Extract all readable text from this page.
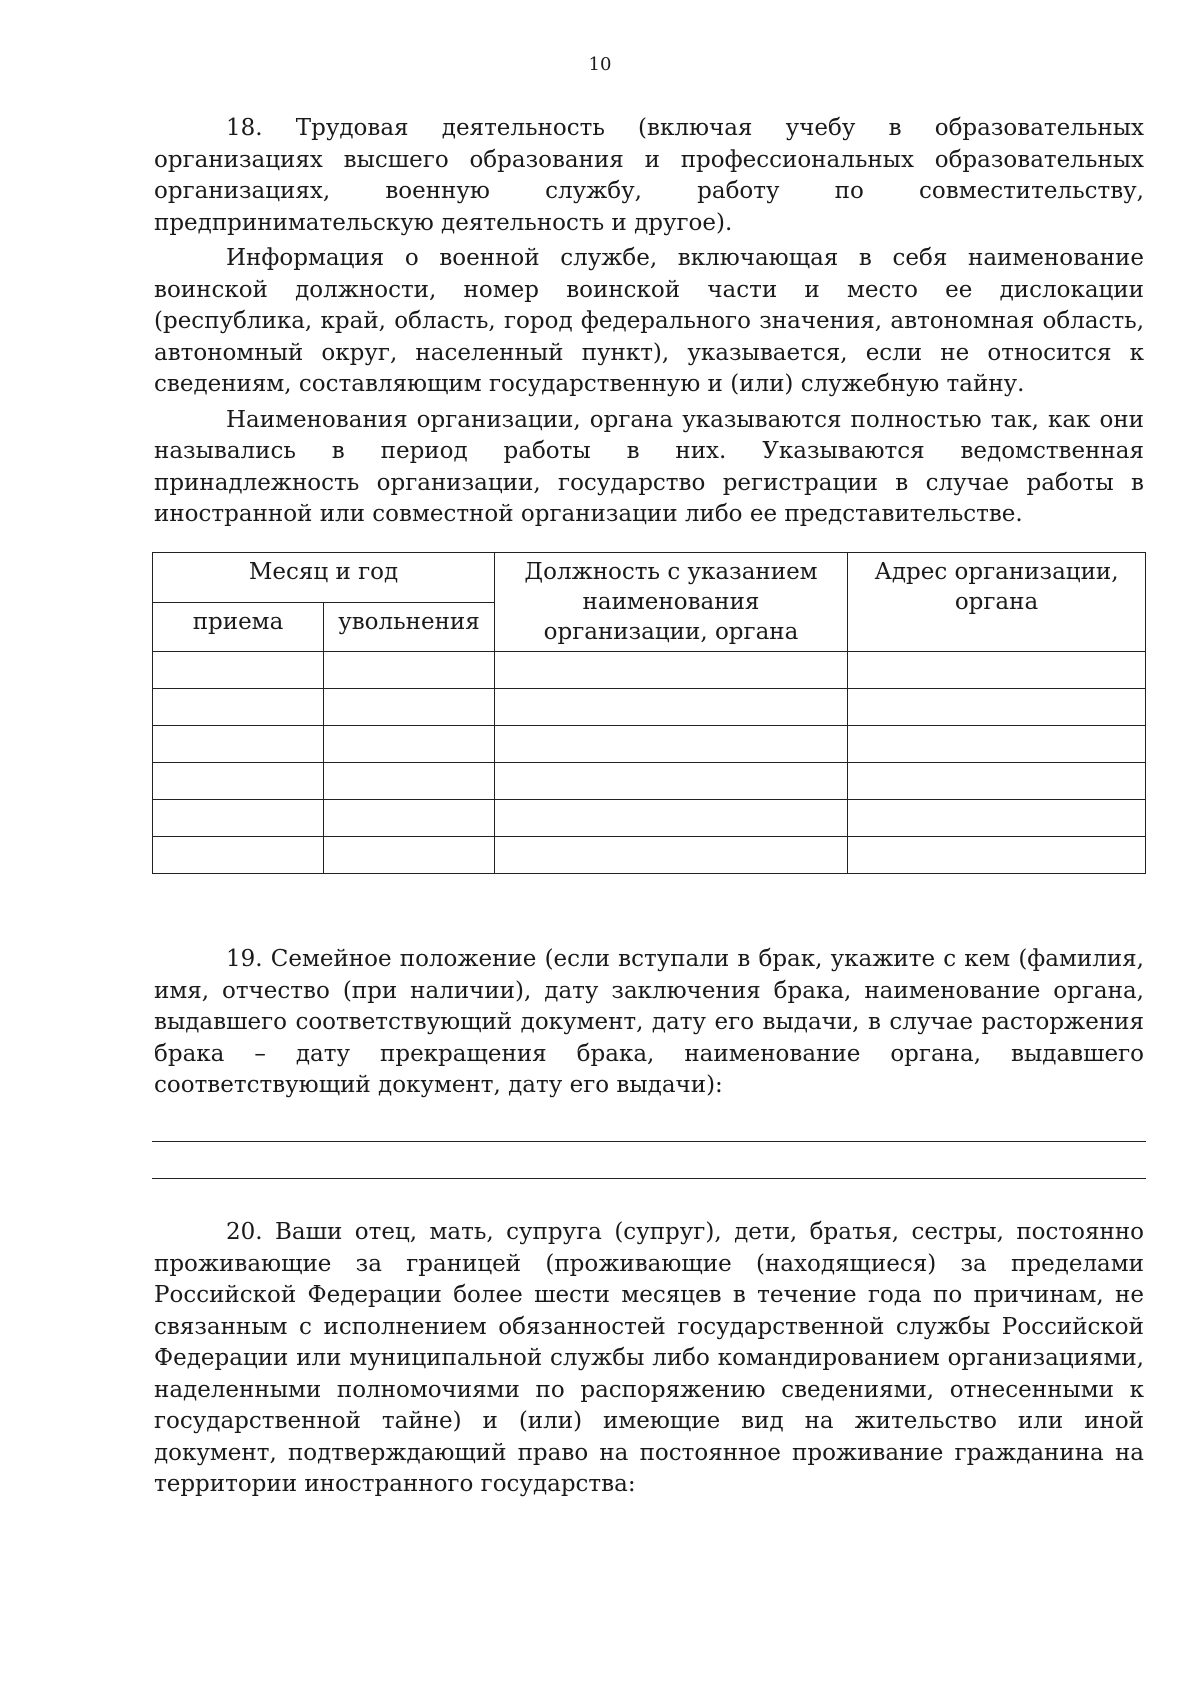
10

18. Трудовая деятельность (включая учебу в образовательных организациях высшего образования и профессиональных образовательных организациях, военную службу, работу по совместительству, предпринимательскую деятельность и другое).

Информация о военной службе, включающая в себя наименование воинской должности, номер воинской части и место ее дислокации (республика, край, область, город федерального значения, автономная область, автономный округ, населенный пункт), указывается, если не относится к сведениям, составляющим государственную и (или) служебную тайну.

Наименования организации, органа указываются полностью так, как они назывались в период работы в них. Указываются ведомственная принадлежность организации, государство регистрации в случае работы в иностранной или совместной организации либо ее представительстве.

Месяц и год		Должность с указанием наименования организации, органа	Адрес организации, органа
приема	увольнения		

19. Семейное положение (если вступали в брак, укажите с кем (фамилия, имя, отчество (при наличии), дату заключения брака, наименование органа, выдавшего соответствующий документ, дату его выдачи, в случае расторжения брака – дату прекращения брака, наименование органа, выдавшего соответствующий документ, дату его выдачи):

20. Ваши отец, мать, супруга (супруг), дети, братья, сестры, постоянно проживающие за границей (проживающие (находящиеся) за пределами Российской Федерации более шести месяцев в течение года по причинам, не связанным с исполнением обязанностей государственной службы Российской Федерации или муниципальной службы либо командированием организациями, наделенными полномочиями по распоряжению сведениями, отнесенными к государственной тайне) и (или) имеющие вид на жительство или иной документ, подтверждающий право на постоянное проживание гражданина на территории иностранного государства:
